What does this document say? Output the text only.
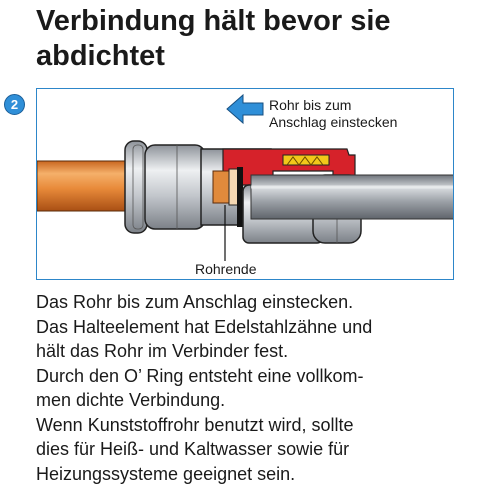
Verbindung hält bevor sie
abdichtet
2	Rohr bis zum
Anschlag einstecken
Rohrende
Das Rohr bis zum Anschlag einstecken.
Das Halteelement hat Edelstahlzähne und
hält das Rohr im Verbinder fest.
Durch den O’ Ring entsteht eine vollkom-
men dichte Verbindung.
Wenn Kunststoffrohr benutzt wird, sollte
dies für Heiß- und Kaltwasser sowie für
Heizungssysteme geeignet sein.
